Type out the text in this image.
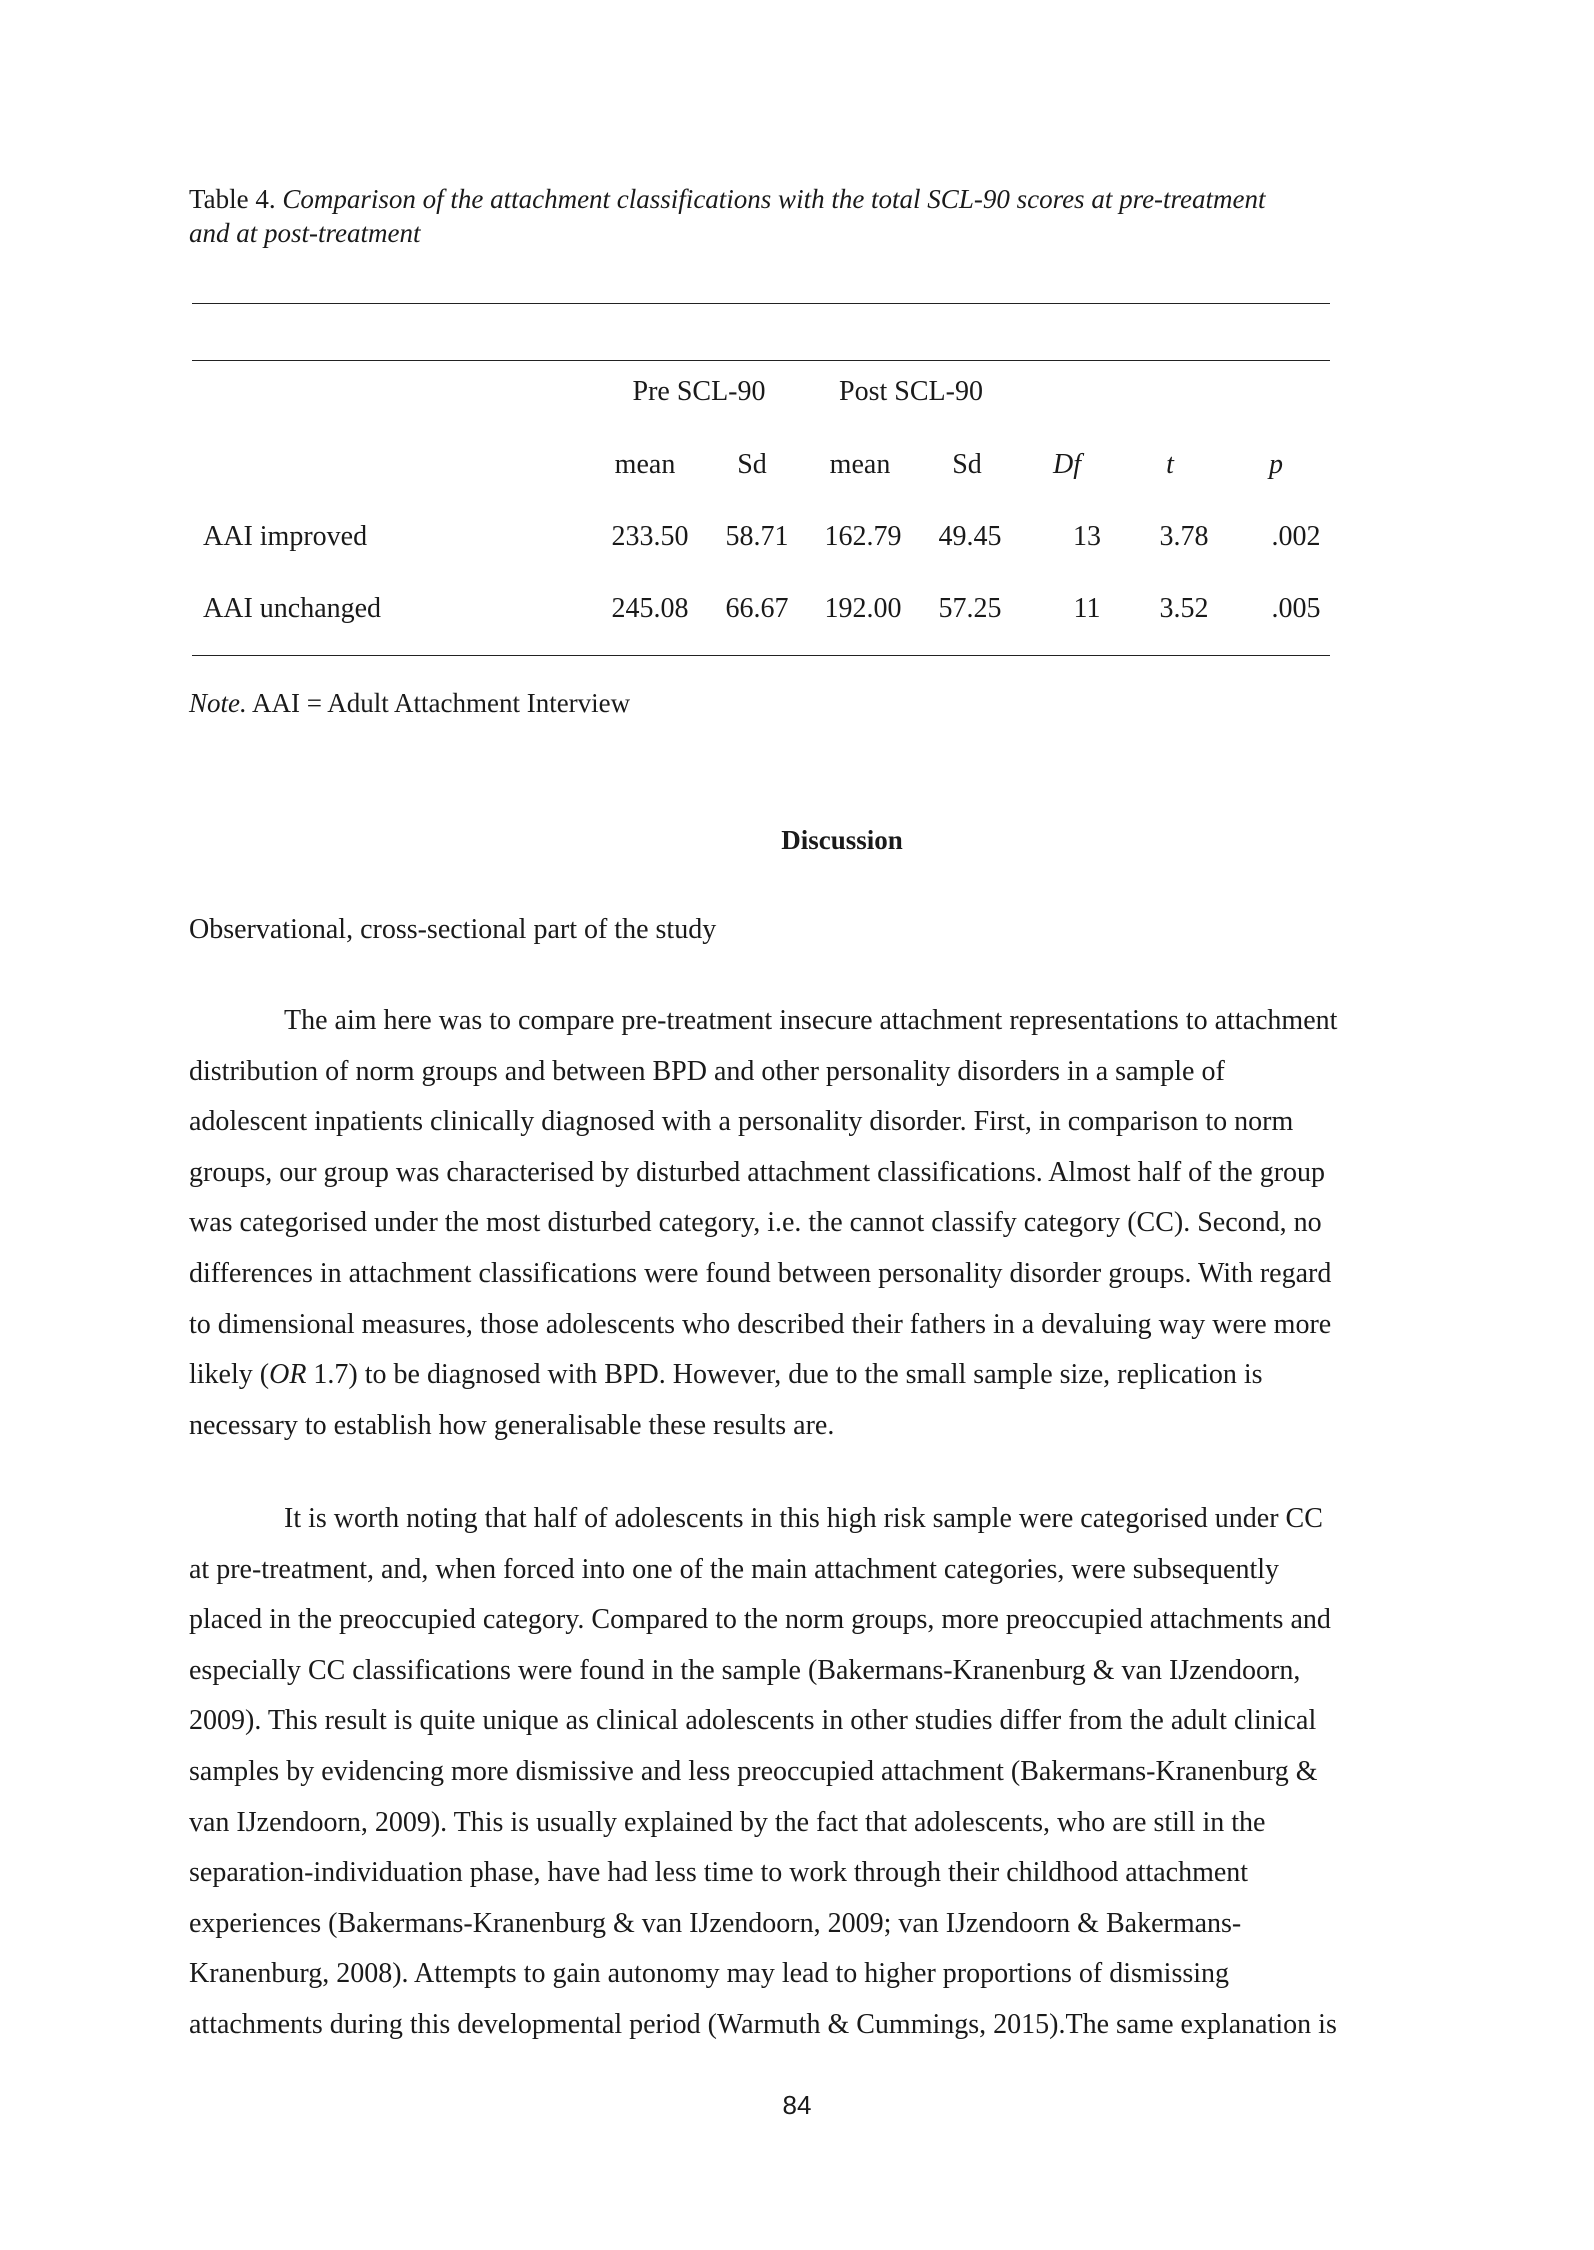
Table 4. Comparison of the attachment classifications with the total SCL-90 scores at pre-treatment
and at post-treatment
Pre SCL-90	Post SCL-90
mean Sd mean Sd	Df	t	p
AAI improved	233.50 58.71 162.79 49.45	13 3.78 .002
AAI unchanged	245.08 66.67 192.00 57.25	11 3.52 .005
Note. AAI = Adult Attachment Interview
Discussion
Observational, cross-sectional part of the study

The aim here was to compare pre-treatment insecure attachment representations to attachment
distribution of norm groups and between BPD and other personality disorders in a sample of
adolescent inpatients clinically diagnosed with a personality disorder. First, in comparison to norm
groups, our group was characterised by disturbed attachment classifications. Almost half of the group
was categorised under the most disturbed category, i.e. the cannot classify category (CC). Second, no
differences in attachment classifications were found between personality disorder groups. With regard
to dimensional measures, those adolescents who described their fathers in a devaluing way were more
likely (OR 1.7) to be diagnosed with BPD. However, due to the small sample size, replication is
necessary to establish how generalisable these results are.

It is worth noting that half of adolescents in this high risk sample were categorised under CC
at pre-treatment, and, when forced into one of the main attachment categories, were subsequently
placed in the preoccupied category. Compared to the norm groups, more preoccupied attachments and
especially CC classifications were found in the sample (Bakermans-Kranenburg & van IJzendoorn,
2009). This result is quite unique as clinical adolescents in other studies differ from the adult clinical
samples by evidencing more dismissive and less preoccupied attachment (Bakermans-Kranenburg &
van IJzendoorn, 2009). This is usually explained by the fact that adolescents, who are still in the
separation-individuation phase, have had less time to work through their childhood attachment
experiences (Bakermans-Kranenburg & van IJzendoorn, 2009; van IJzendoorn & Bakermans-
Kranenburg, 2008). Attempts to gain autonomy may lead to higher proportions of dismissing
attachments during this developmental period (Warmuth & Cummings, 2015).The same explanation is

84
